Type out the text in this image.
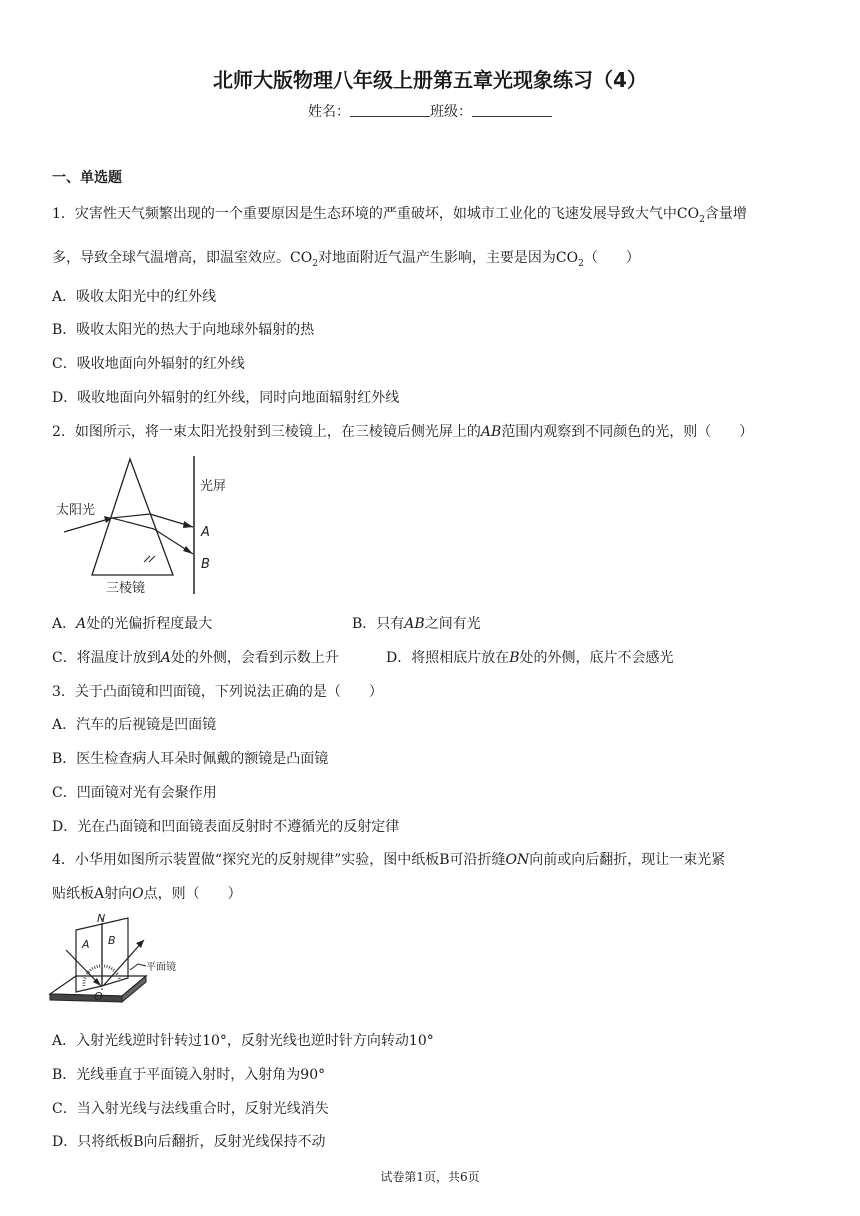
北师大版物理八年级上册第五章光现象练习（4）
姓名：	班级：
一、单选题
1．灾害性天气频繁出现的一个重要原因是生态环境的严重破坏，如城市工业化的飞速发展导致大气中$CO_2$含量增
多，导致全球气温增高，即温室效应。$CO_2$对地面附近气温产生影响，主要是因为$CO_2$（　　）
A．吸收太阳光中的红外线
B．吸收太阳光的热大于向地球外辐射的热
C．吸收地面向外辐射的红外线
D．吸收地面向外辐射的红外线，同时向地面辐射红外线
2．如图所示，将一束太阳光投射到三棱镜上，在三棱镜后侧光屏上的AB范围内观察到不同颜色的光，则（　　）
太阳光
光屏
A
B
三棱镜
A．A处的光偏折程度最大	B．只有AB之间有光
C．将温度计放到A处的外侧，会看到示数上升	D．将照相底片放在B处的外侧，底片不会感光
3．关于凸面镜和凹面镜，下列说法正确的是（　　）
A．汽车的后视镜是凹面镜
B．医生检查病人耳朵时佩戴的额镜是凸面镜
C．凹面镜对光有会聚作用
D．光在凸面镜和凹面镜表面反射时不遵循光的反射定律
4．小华用如图所示装置做“探究光的反射规律”实验，图中纸板B可沿折缝ON向前或向后翻折，现让一束光紧
贴纸板A射向O点，则（　　）
N
A B
O
平面镜
A．入射光线逆时针转过10°，反射光线也逆时针方向转动10°
B．光线垂直于平面镜入射时，入射角为90°
C．当入射光线与法线重合时，反射光线消失
D．只将纸板B向后翻折，反射光线保持不动
试卷第1页，共6页
